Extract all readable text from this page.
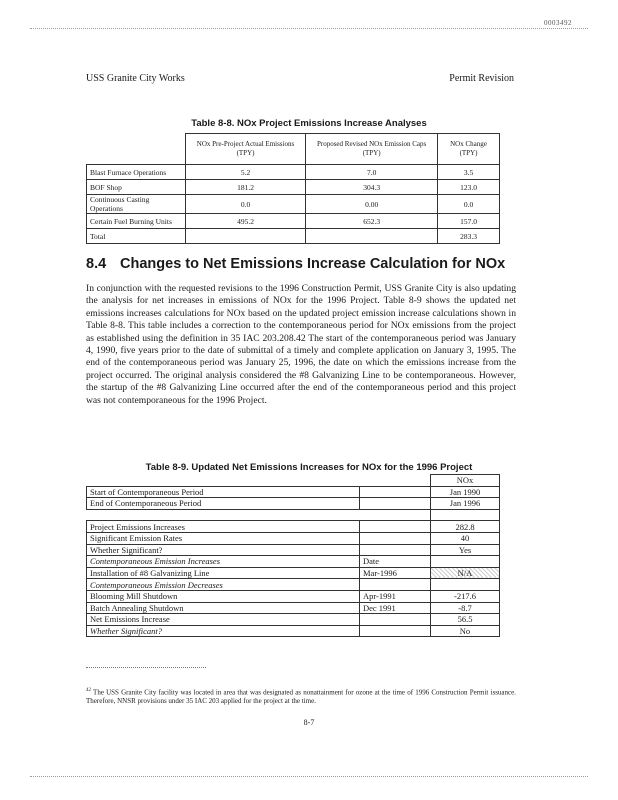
0003492
USS Granite City Works	Permit Revision
Table 8-8. NOx Project Emissions Increase Analyses
	NOx Pre-Project Actual Emissions (TPY)	Proposed Revised NOx Emission Caps (TPY)	NOx Change (TPY)
Blast Furnace Operations	5.2	7.0	3.5
BOF Shop	181.2	304.3	123.0
Continuous Casting Operations	0.0	0.00	0.0
Certain Fuel Burning Units	495.2	652.3	157.0
Total			283.3
8.4 Changes to Net Emissions Increase Calculation for NOx
In conjunction with the requested revisions to the 1996 Construction Permit, USS Granite City is also updating the analysis for net increases in emissions of NOx for the 1996 Project. Table 8-9 shows the updated net emissions increases calculations for NOx based on the updated project emission increase calculations shown in Table 8-8. This table includes a correction to the contemporaneous period for NOx emissions from the project as established using the definition in 35 IAC 203.208.42 The start of the contemporaneous period was January 4, 1990, five years prior to the date of submittal of a timely and complete application on January 3, 1995. The end of the contemporaneous period was January 25, 1996, the date on which the emissions increase from the project occurred. The original analysis considered the #8 Galvanizing Line to be contemporaneous. However, the startup of the #8 Galvanizing Line occurred after the end of the contemporaneous period and this project was not contemporaneous for the 1996 Project.
Table 8-9. Updated Net Emissions Increases for NOx for the 1996 Project
		NOx
Start of Contemporaneous Period		Jan 1990
End of Contemporaneous Period		Jan 1996

Project Emissions Increases		282.8
Significant Emission Rates		40
Whether Significant?		Yes
Contemporaneous Emission Increases	Date	
Installation of #8 Galvanizing Line	Mar-1996	N/A
Contemporaneous Emission Decreases		
Blooming Mill Shutdown	Apr-1991	-217.6
Batch Annealing Shutdown	Dec 1991	-8.7
Net Emissions Increase		56.5
Whether Significant?		No
$^{42}$ The USS Granite City facility was located in area that was designated as nonattainment for ozone at the time of 1996 Construction Permit issuance. Therefore, NNSR provisions under 35 IAC 203 applied for the project at the time.
8-7
